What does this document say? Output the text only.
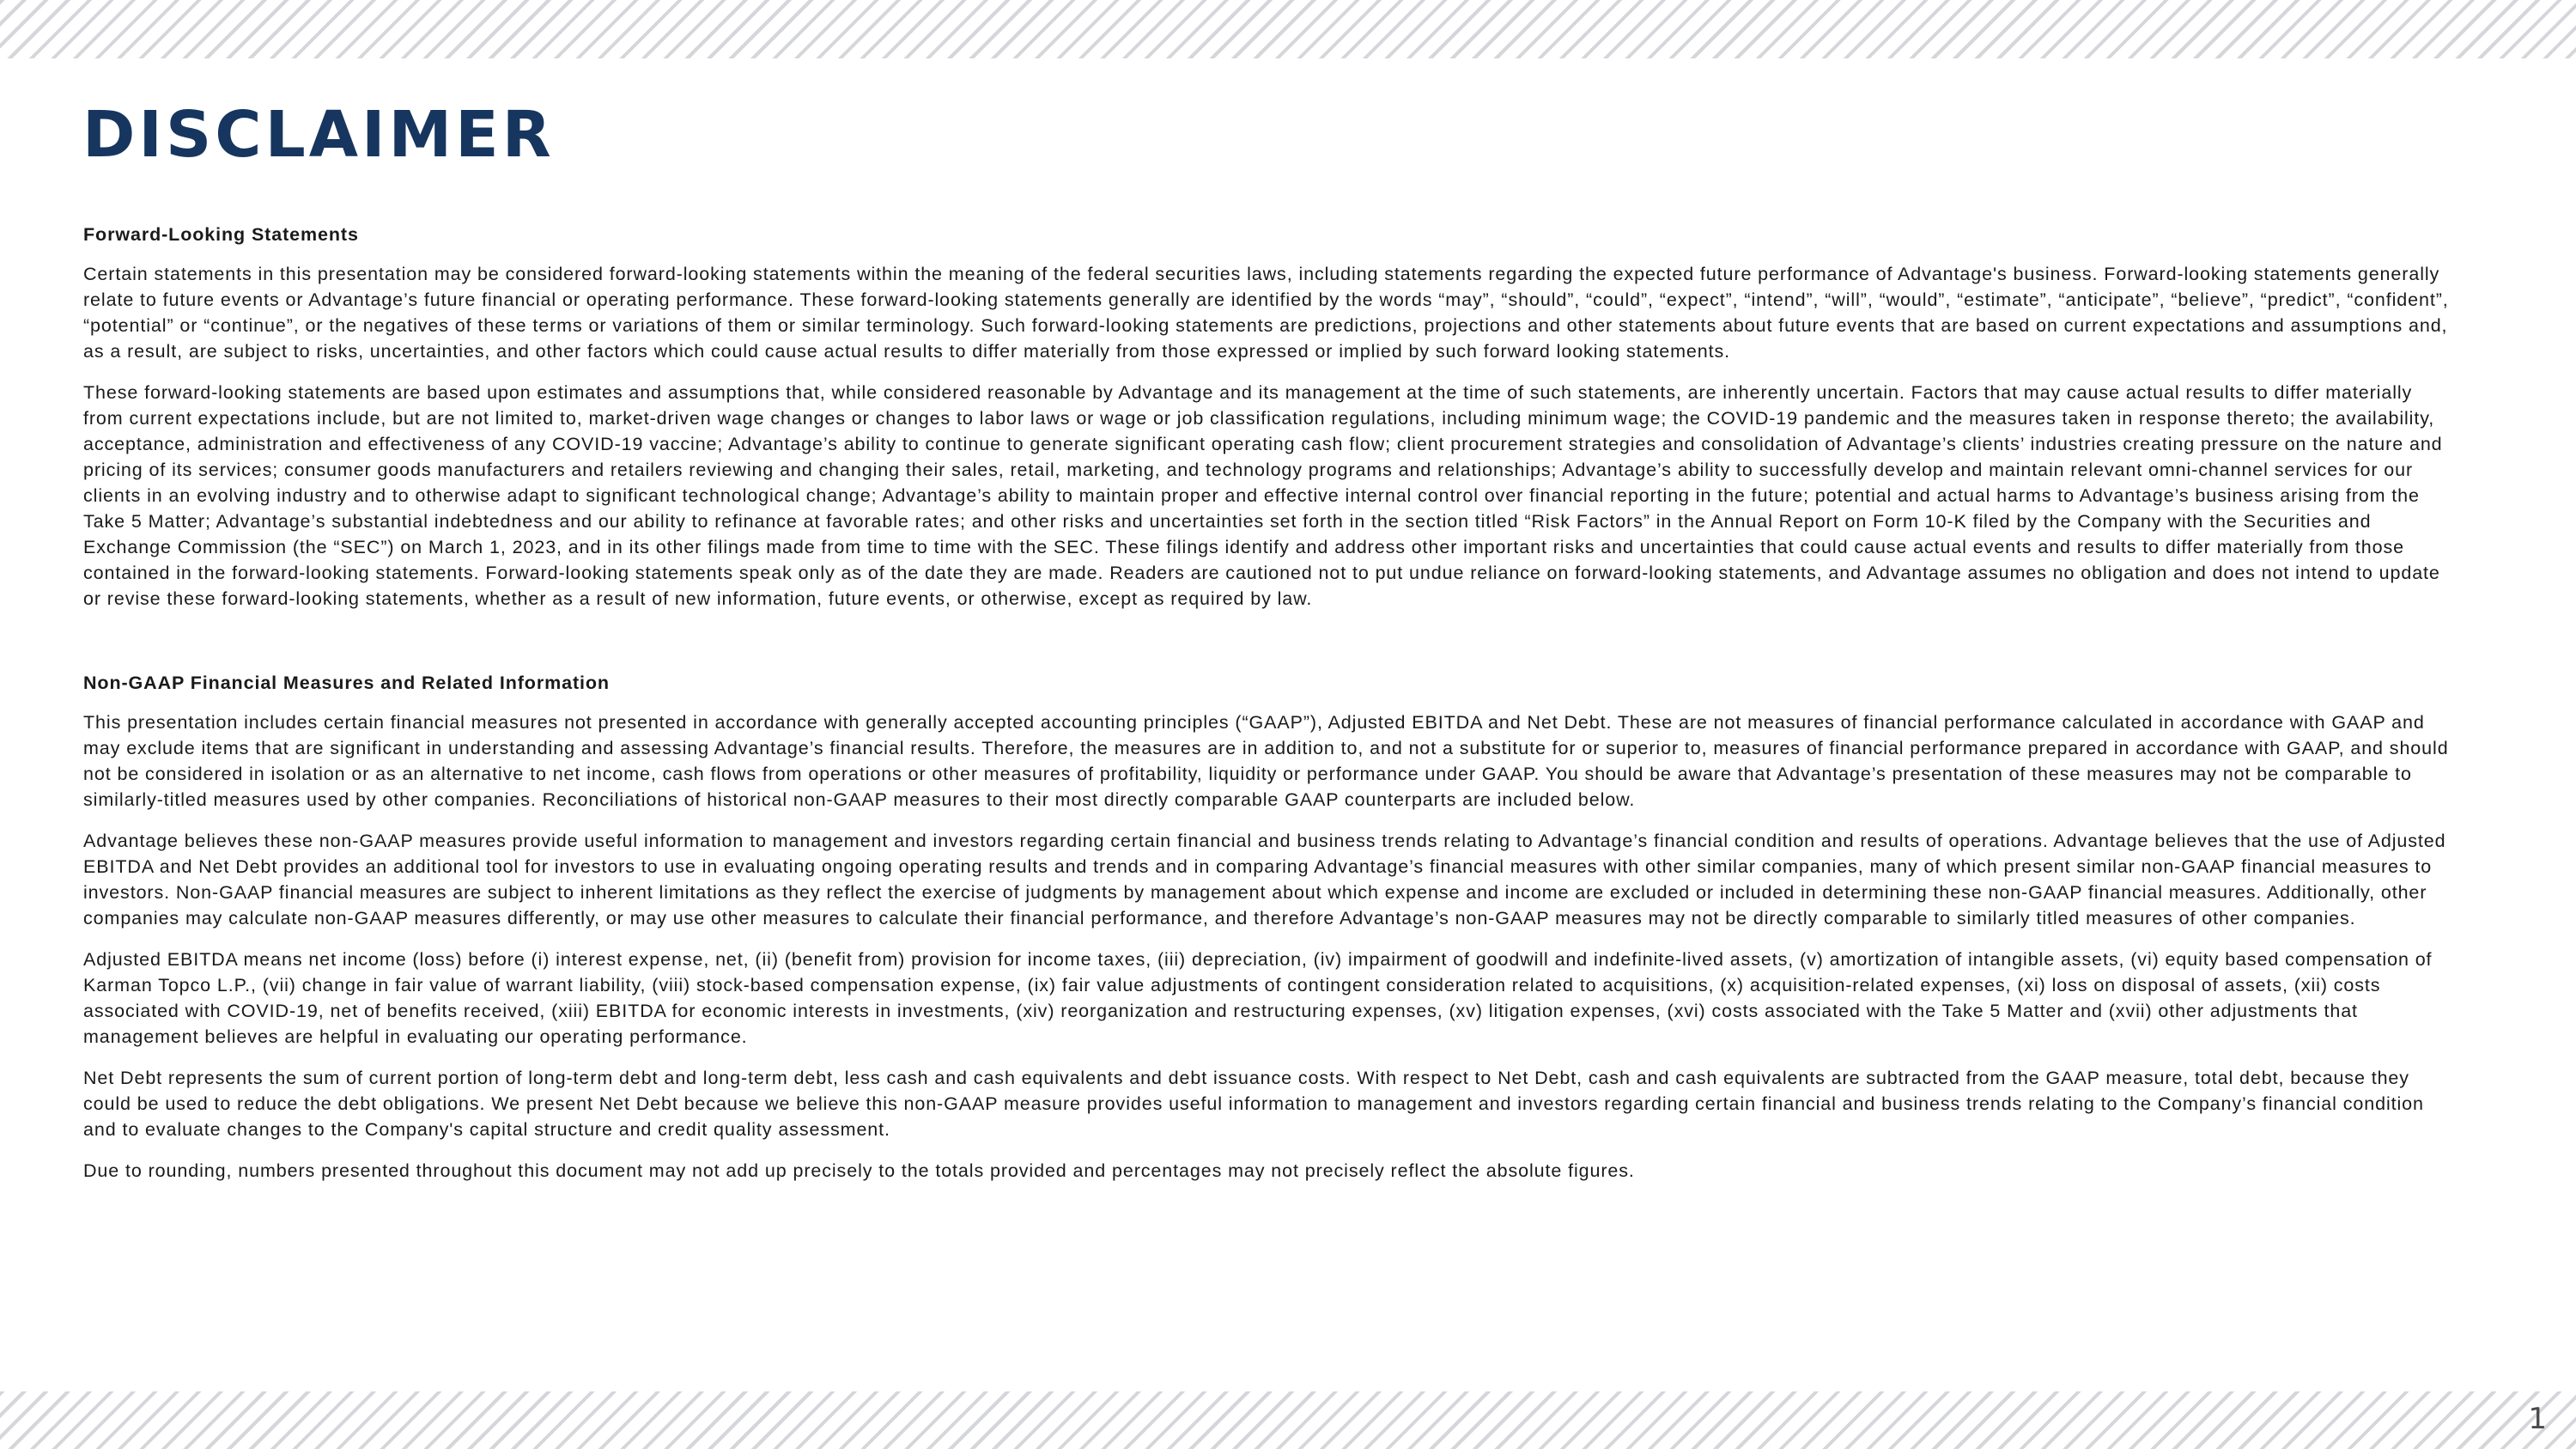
DISCLAIMER

Forward-Looking Statements

Certain statements in this presentation may be considered forward-looking statements within the meaning of the federal securities laws, including statements regarding the expected future performance of Advantage's business. Forward-looking statements generally relate to future events or Advantage’s future financial or operating performance. These forward-looking statements generally are identified by the words “may”, “should”, “could”, “expect”, “intend”, “will”, “would”, “estimate”, “anticipate”, “believe”, “predict”, “confident”, “potential” or “continue”, or the negatives of these terms or variations of them or similar terminology. Such forward-looking statements are predictions, projections and other statements about future events that are based on current expectations and assumptions and, as a result, are subject to risks, uncertainties, and other factors which could cause actual results to differ materially from those expressed or implied by such forward looking statements.

These forward-looking statements are based upon estimates and assumptions that, while considered reasonable by Advantage and its management at the time of such statements, are inherently uncertain. Factors that may cause actual results to differ materially from current expectations include, but are not limited to, market-driven wage changes or changes to labor laws or wage or job classification regulations, including minimum wage; the COVID-19 pandemic and the measures taken in response thereto; the availability, acceptance, administration and effectiveness of any COVID-19 vaccine; Advantage’s ability to continue to generate significant operating cash flow; client procurement strategies and consolidation of Advantage’s clients’ industries creating pressure on the nature and pricing of its services; consumer goods manufacturers and retailers reviewing and changing their sales, retail, marketing, and technology programs and relationships; Advantage’s ability to successfully develop and maintain relevant omni-channel services for our clients in an evolving industry and to otherwise adapt to significant technological change; Advantage’s ability to maintain proper and effective internal control over financial reporting in the future; potential and actual harms to Advantage’s business arising from the Take 5 Matter; Advantage’s substantial indebtedness and our ability to refinance at favorable rates; and other risks and uncertainties set forth in the section titled “Risk Factors” in the Annual Report on Form 10-K filed by the Company with the Securities and Exchange Commission (the “SEC”) on March 1, 2023, and in its other filings made from time to time with the SEC. These filings identify and address other important risks and uncertainties that could cause actual events and results to differ materially from those contained in the forward-looking statements. Forward-looking statements speak only as of the date they are made. Readers are cautioned not to put undue reliance on forward-looking statements, and Advantage assumes no obligation and does not intend to update or revise these forward-looking statements, whether as a result of new information, future events, or otherwise, except as required by law.

Non-GAAP Financial Measures and Related Information

This presentation includes certain financial measures not presented in accordance with generally accepted accounting principles (“GAAP”), Adjusted EBITDA and Net Debt. These are not measures of financial performance calculated in accordance with GAAP and may exclude items that are significant in understanding and assessing Advantage’s financial results. Therefore, the measures are in addition to, and not a substitute for or superior to, measures of financial performance prepared in accordance with GAAP, and should not be considered in isolation or as an alternative to net income, cash flows from operations or other measures of profitability, liquidity or performance under GAAP. You should be aware that Advantage’s presentation of these measures may not be comparable to similarly-titled measures used by other companies. Reconciliations of historical non-GAAP measures to their most directly comparable GAAP counterparts are included below.

Advantage believes these non-GAAP measures provide useful information to management and investors regarding certain financial and business trends relating to Advantage’s financial condition and results of operations. Advantage believes that the use of Adjusted EBITDA and Net Debt provides an additional tool for investors to use in evaluating ongoing operating results and trends and in comparing Advantage’s financial measures with other similar companies, many of which present similar non-GAAP financial measures to investors. Non-GAAP financial measures are subject to inherent limitations as they reflect the exercise of judgments by management about which expense and income are excluded or included in determining these non-GAAP financial measures. Additionally, other companies may calculate non-GAAP measures differently, or may use other measures to calculate their financial performance, and therefore Advantage’s non-GAAP measures may not be directly comparable to similarly titled measures of other companies.

Adjusted EBITDA means net income (loss) before (i) interest expense, net, (ii) (benefit from) provision for income taxes, (iii) depreciation, (iv) impairment of goodwill and indefinite-lived assets, (v) amortization of intangible assets, (vi) equity based compensation of Karman Topco L.P., (vii) change in fair value of warrant liability, (viii) stock-based compensation expense, (ix) fair value adjustments of contingent consideration related to acquisitions, (x) acquisition-related expenses, (xi) loss on disposal of assets, (xii) costs associated with COVID-19, net of benefits received, (xiii) EBITDA for economic interests in investments, (xiv) reorganization and restructuring expenses, (xv) litigation expenses, (xvi) costs associated with the Take 5 Matter and (xvii) other adjustments that management believes are helpful in evaluating our operating performance.

Net Debt represents the sum of current portion of long-term debt and long-term debt, less cash and cash equivalents and debt issuance costs. With respect to Net Debt, cash and cash equivalents are subtracted from the GAAP measure, total debt, because they could be used to reduce the debt obligations. We present Net Debt because we believe this non-GAAP measure provides useful information to management and investors regarding certain financial and business trends relating to the Company’s financial condition and to evaluate changes to the Company's capital structure and credit quality assessment.

Due to rounding, numbers presented throughout this document may not add up precisely to the totals provided and percentages may not precisely reflect the absolute figures.

1
